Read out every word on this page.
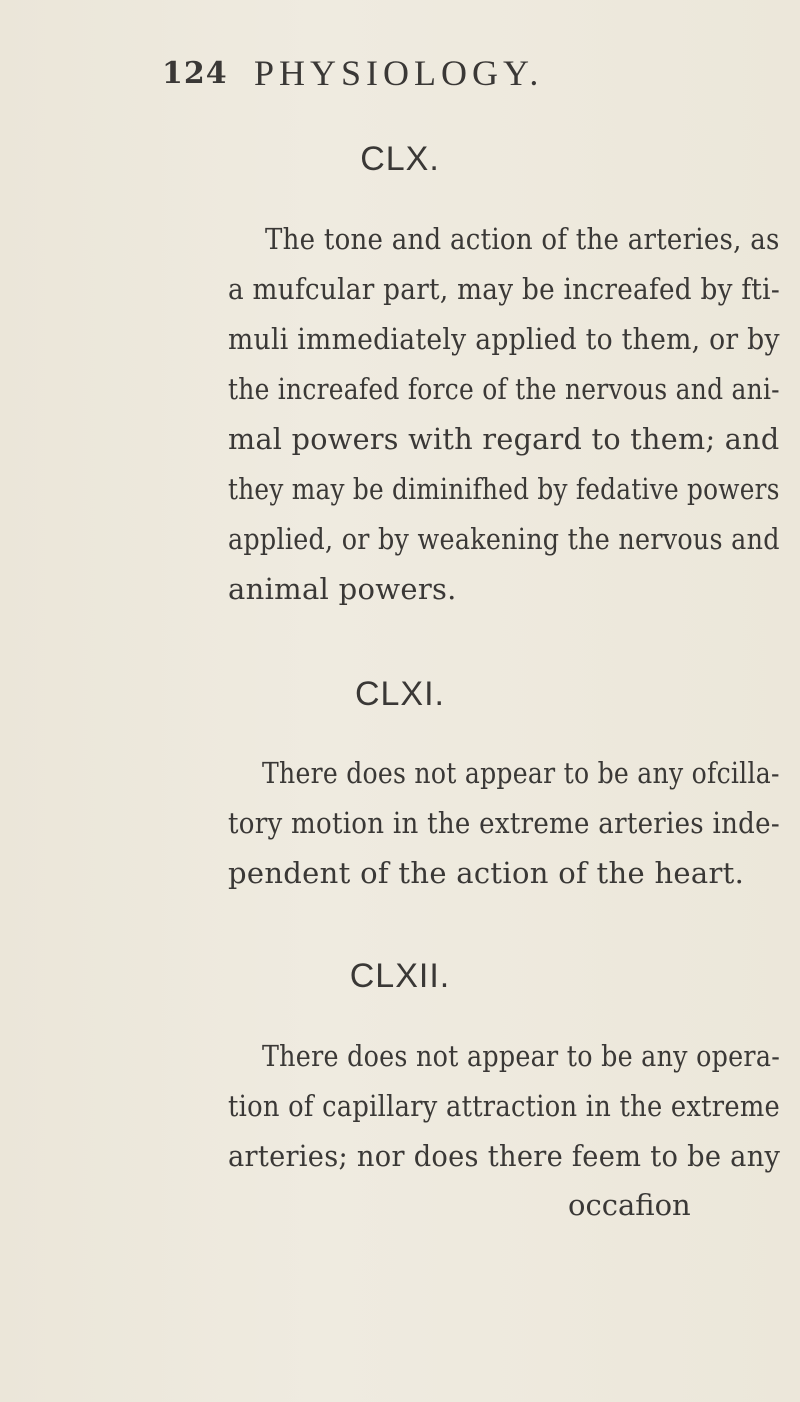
124 PHYSIOLOGY.
CLX.
The tone and action of the arteries, as
a mufcular part, may be increafed by fti-
muli immediately applied to them, or by
the increafed force of the nervous and ani-
mal powers with regard to them; and
they may be diminifhed by fedative powers
applied, or by weakening the nervous and
animal powers.
CLXI.
There does not appear to be any ofcilla-
tory motion in the extreme arteries inde-
pendent of the action of the heart.
CLXII.
There does not appear to be any opera-
tion of capillary attraction in the extreme
arteries; nor does there feem to be any
occafion
